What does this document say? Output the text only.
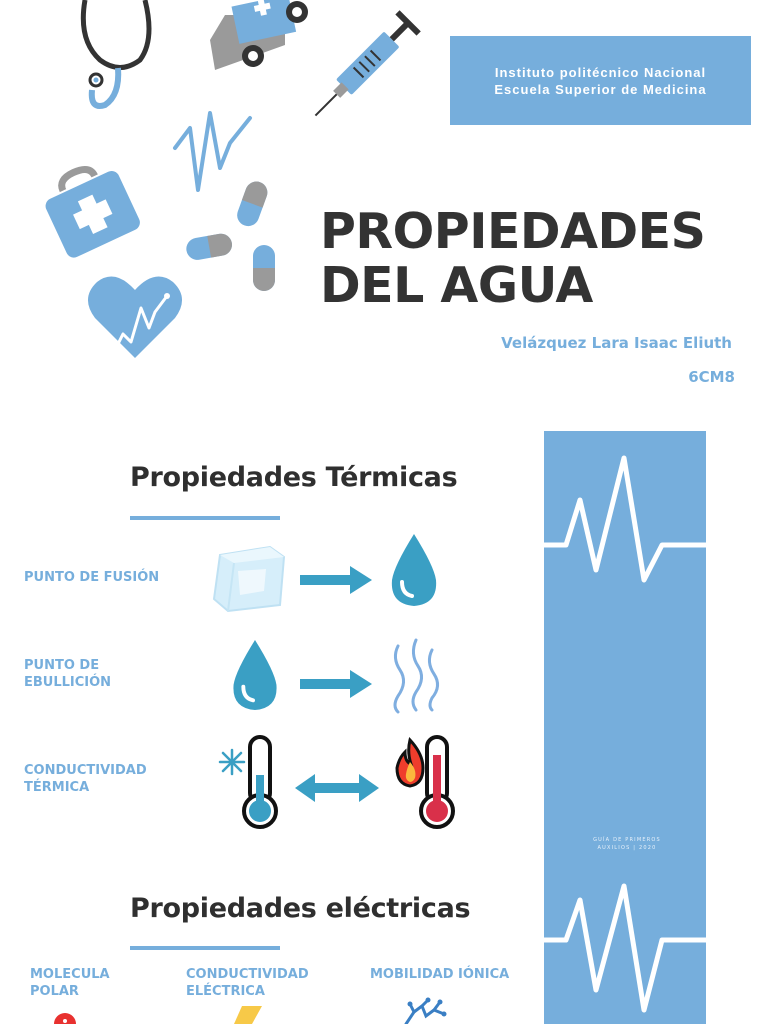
Instituto politécnico Nacional
Escuela Superior de Medicina
PROPIEDADES
DEL AGUA
Velázquez Lara Isaac Eliuth
6CM8
GUÍA DE PRIMEROS
AUXILIOS | 2020
Propiedades Térmicas
PUNTO DE FUSIÓN
PUNTO DE
EBULLICIÓN
CONDUCTIVIDAD
TÉRMICA
Propiedades eléctricas
MOLECULA
POLAR
CONDUCTIVIDAD
ELÉCTRICA
MOBILIDAD IÓNICA
